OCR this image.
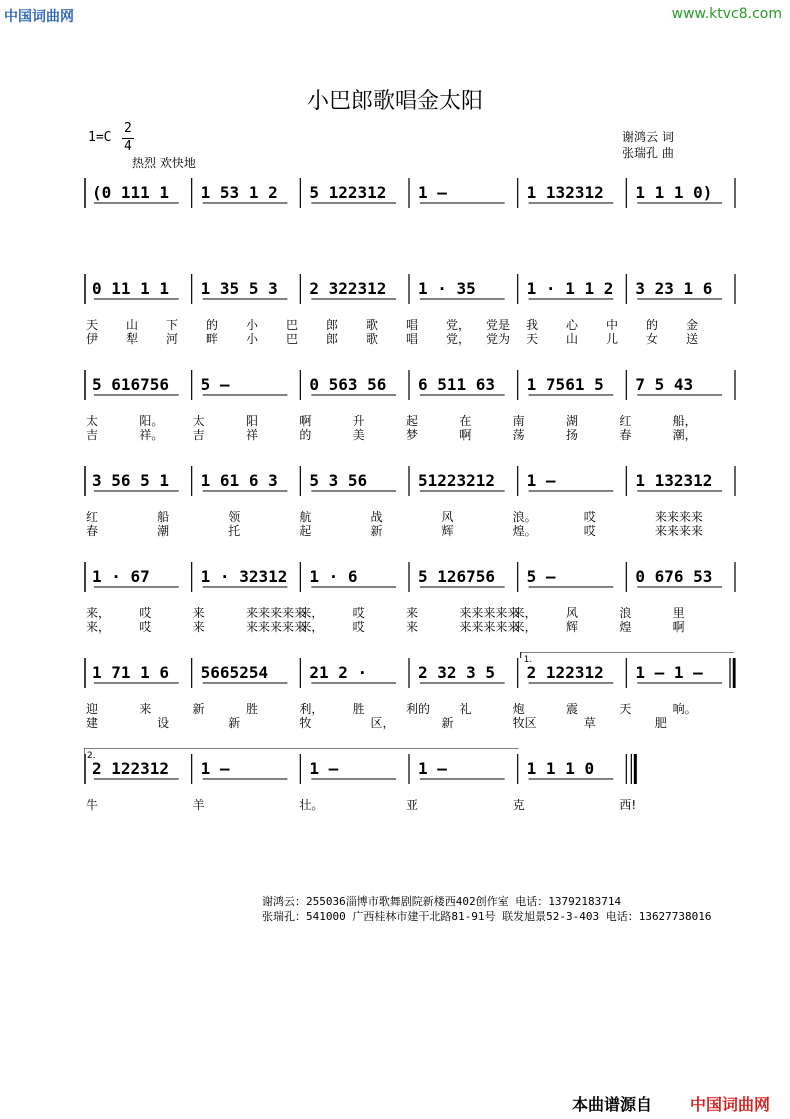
中国词曲网	www.ktvc8.com
小巴郎歌唱金太阳
1=C
2
4
热烈 欢快地
谢鸿云 词
张瑞孔 曲
(0 111 1 1 53 1 2 5 122312 1 –	1 132312 1 1 1 0)
0 11 1 1 1 35 5 3 2 322312 1 · 35	1 · 1 1 2 3 23 1 6
天 山 下 的 小 巴 郎 歌 唱 党， 党是 我 心 中 的 金
伊 犁 河 畔 小 巴 郎 歌 唱 党， 党为 天 山 儿 女 送
5 616756 5 –	0 563 56 6 511 63 1 7561 5 7 5 43
太	阳。 太	阳	啊	升	起	在	南	湖	红	船，
吉	祥。 吉	祥	的	美	梦	啊	荡	扬	春	潮，
3 56 5 1 1 61 6 3 5 3 56	51223212 1 –	1 132312
红	船	领	航	战	风	浪。	哎	来来来来
春	潮	托	起	新	辉	煌。	哎	来来来来
1 · 67	1 · 32312 1 · 6	5 126756 5 –	0 676 53
来， 哎	来	来来来来来
来， 哎	来	来来来来来
来， 风	浪	里
来， 哎	来	来来来来来
来， 哎	来	来来来来来
来， 辉	煌	啊
1 71 1 6 5665254	21 2 ·	2 32 3 5 2 122312 1 – 1 –
1.
迎	来	新	胜	利， 胜	利的 礼	炮	震	天	响。
建	设	新	牧	区，	新	牧区	草	肥
2 122312 1 –	1 –	1 –	1 1 1 0
2.
牛	羊	壮。	亚	克	西!
谢鸿云：255036淄博市歌舞剧院新楼西402创作室 电话：13792183714
张瑞孔：541000 广西桂林市建干北路81-91号 联发旭景52-3-403 电话：13627738016
本曲谱源自 中国词曲网
